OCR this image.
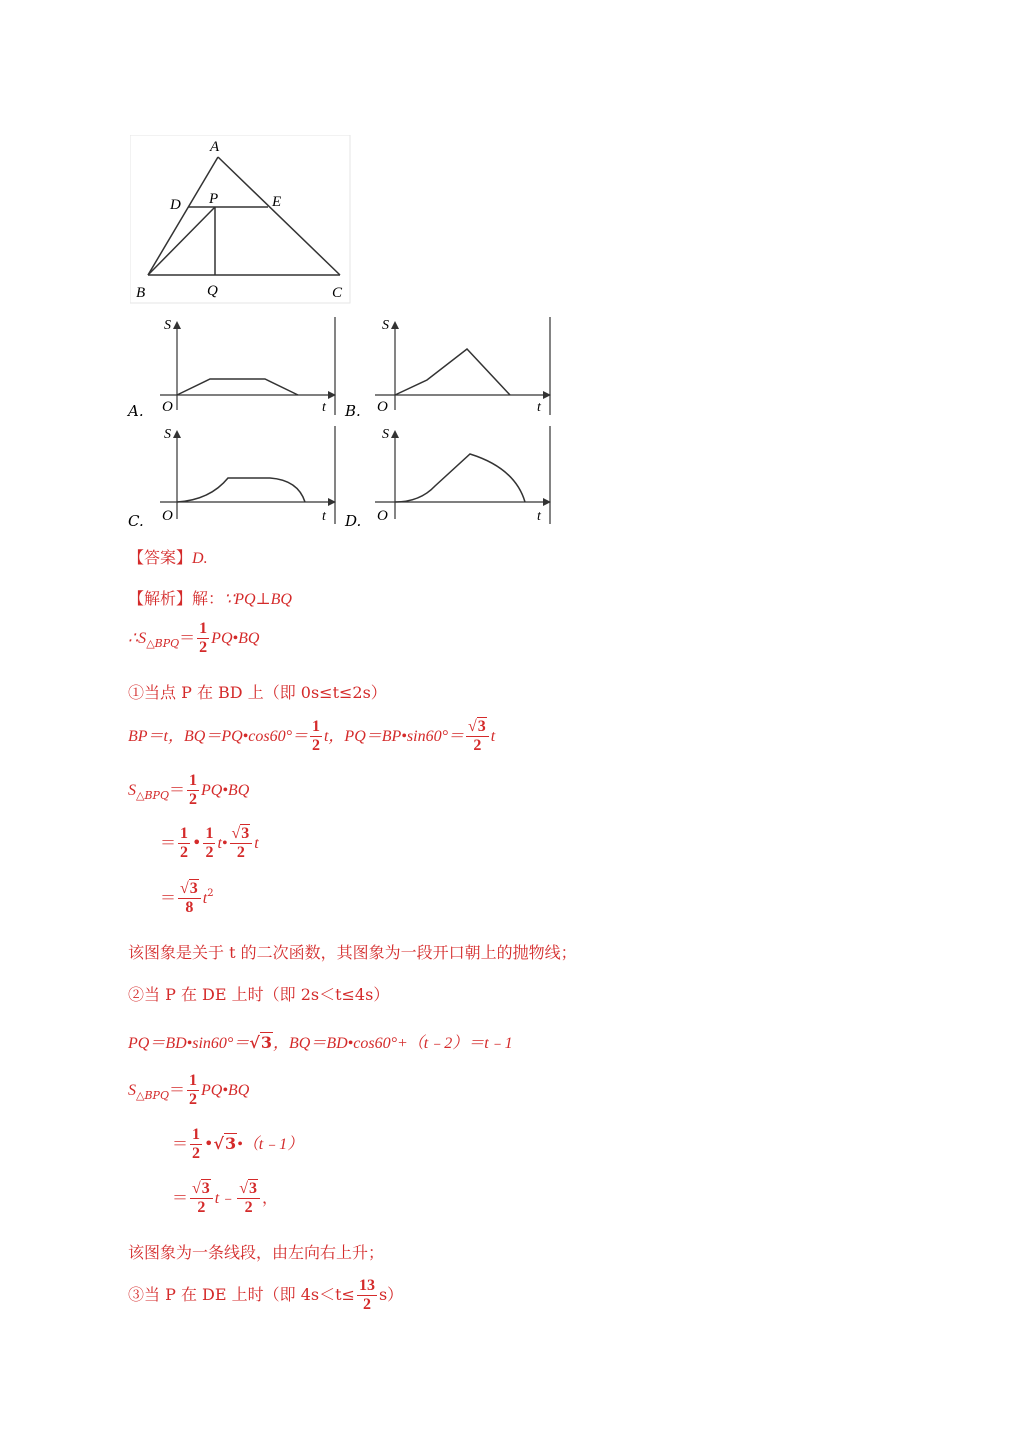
A
D P	E
B	Q	C
A.
S
O	t B.
S
O	t
C.
S
O	t D.
S
O	t
【答案】D.
【解析】解：∵PQ⊥BQ
$\therefore S_{\triangle BPQ}= \frac{1}{2}$ PQ•BQ
①当点 P 在 BD 上（即 0s≤t≤2s）
BP＝t，BQ＝PQ•cos60°＝ $\frac{1}{2}$ t，PQ＝BP•sin60°＝ $\frac{√3}{2}$ t
$S_{\triangle BPQ}= \frac{1}{2}$ PQ•BQ
＝ $\frac{1}{2}$ • $\frac{1}{2}$ t• $\frac{√3}{2}$ t
＝ $\frac{√3}{8} t^2$
该图象是关于 t 的二次函数，其图象为一段开口朝上的抛物线；
②当 P 在 DE 上时（即 2s＜t≤4s）
PQ＝BD•sin60°＝√3，BQ＝BD•cos60°+（t﹣2）＝t﹣1
$S_{\triangle BPQ}= \frac{1}{2}$ PQ•BQ
＝ $\frac{1}{2}$ •√3•（t﹣1）
＝ $\frac{√3}{2}$ t﹣ $\frac{√3}{2}$ ，
该图象为一条线段，由左向右上升；
③当 P 在 DE 上时（即 $4s<t\le \frac{13}{2} s$）
